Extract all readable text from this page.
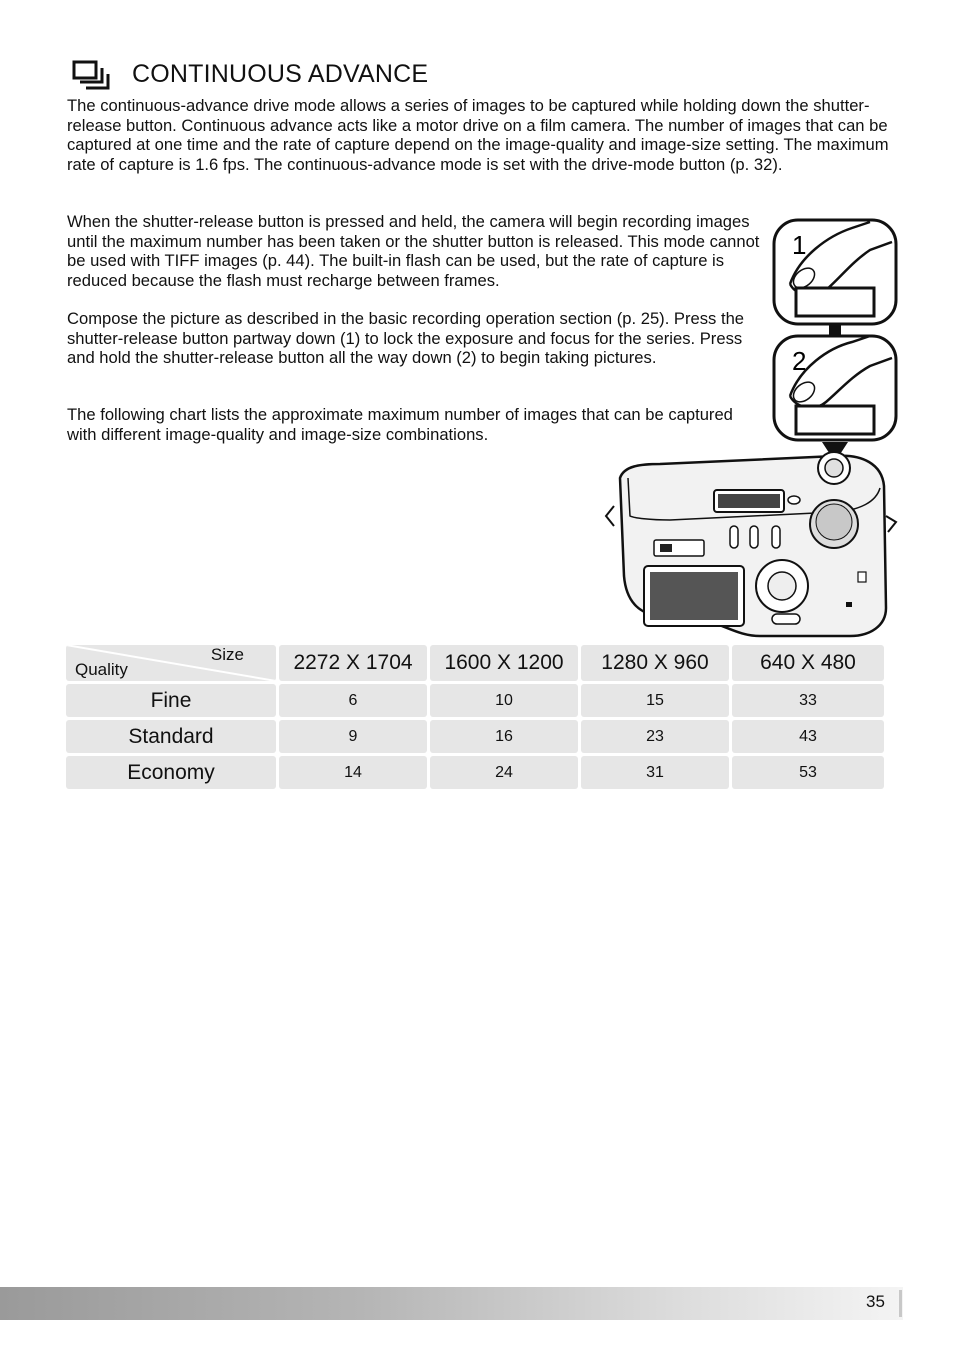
CONTINUOUS ADVANCE

The continuous-advance drive mode allows a series of images to be captured while holding down the shutter-release button. Continuous advance acts like a motor drive on a film camera. The number of images that can be captured at one time and the rate of capture depend on the image-quality and image-size setting. The maximum rate of capture is 1.6 fps. The continuous-advance mode is set with the drive-mode button (p. 32).

When the shutter-release button is pressed and held, the camera will begin recording images until the maximum number has been taken or the shutter button is released. This mode cannot be used with TIFF images (p. 44). The built-in flash can be used, but the rate of capture is reduced because the flash must recharge between frames.

Compose the picture as described in the basic recording operation section (p. 25). Press the shutter-release button partway down (1) to lock the exposure and focus for the series. Press and hold the shutter-release button all the way down (2) to begin taking pictures.

The following chart lists the approximate maximum number of images that can be captured with different image-quality and image-size combinations.

1
2
Size
Quality	2272 X 1704	1600 X 1200	1280 X 960	640 X 480
Fine	6	10	15	33
Standard	9	16	23	43
Economy	14	24	31	53
35
